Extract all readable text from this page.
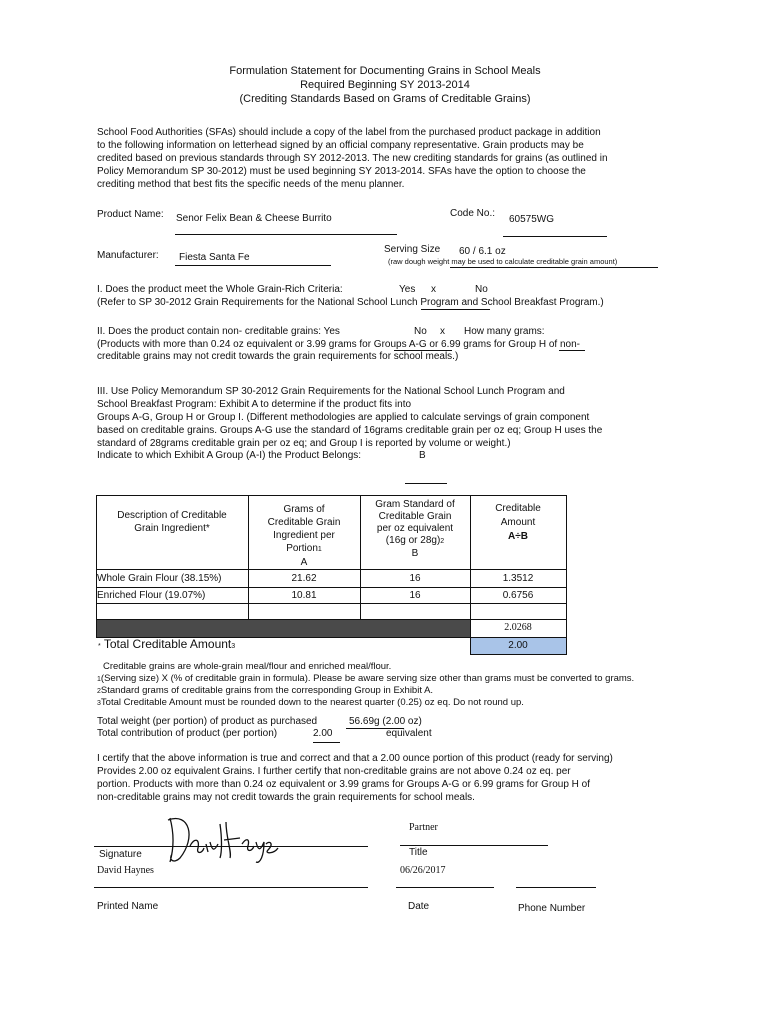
Formulation Statement for Documenting Grains in School Meals
Required Beginning SY 2013-2014
(Crediting Standards Based on Grams of Creditable Grains)
School Food Authorities (SFAs) should include a copy of the label from the purchased product package in addition
to the following information on letterhead signed by an official company representative. Grain products may be
credited based on previous standards through SY 2012-2013. The new crediting standards for grains (as outlined in
Policy Memorandum SP 30-2012) must be used beginning SY 2013-2014. SFAs have the option to choose the
crediting method that best fits the specific needs of the menu planner.
Product Name: Senor Felix Bean & Cheese Burrito	Code No.:
60575WG
Manufacturer: Fiesta Santa Fe
Serving Size 60 / 6.1 oz
(raw dough weight may be used to calculate creditable grain amount)
I. Does the product meet the Whole Grain-Rich Criteria:	Yes x	No
(Refer to SP 30-2012 Grain Requirements for the National School Lunch Program and School Breakfast Program.)
II. Does the product contain non- creditable grains: Yes	No x How many grams:
(Products with more than 0.24 oz equivalent or 3.99 grams for Groups A-G or 6.99 grams for Group H of non-
creditable grains may not credit towards the grain requirements for school meals.)
III. Use Policy Memorandum SP 30-2012 Grain Requirements for the National School Lunch Program and
School Breakfast Program: Exhibit A to determine if the product fits into
Groups A-G, Group H or Group I. (Different methodologies are applied to calculate servings of grain component
based on creditable grains. Groups A-G use the standard of 16grams creditable grain per oz eq; Group H uses the
standard of 28grams creditable grain per oz eq; and Group I is reported by volume or weight.)
Indicate to which Exhibit A Group (A-I) the Product Belongs:	B
Description of Creditable
Grain Ingredient*
Grams of
Creditable Grain
Ingredient per
Portion1
A
Gram Standard of
Creditable Grain
per oz equivalent
(16g or 28g)2
B
Creditable
Amount
A÷B
Whole Grain Flour (38.15%)	21.62	16	1.3512
Enriched Flour (19.07%)	10.81	16	0.6756
2.0268
* Total Creditable Amount3	2.00
Creditable grains are whole-grain meal/flour and enriched meal/flour.
1(Serving size) X (% of creditable grain in formula). Please be aware serving size other than grams must be converted to grams.
2Standard grams of creditable grains from the corresponding Group in Exhibit A.
3Total Creditable Amount must be rounded down to the nearest quarter (0.25) oz eq. Do not round up.
Total weight (per portion) of product as purchased	56.69g (2.00 oz)
Total contribution of product (per portion)	2.00	equivalent
I certify that the above information is true and correct and that a 2.00 ounce portion of this product (ready for serving)
Provides 2.00 oz equivalent Grains. I further certify that non-creditable grains are not above 0.24 oz eq. per
portion. Products with more than 0.24 oz equivalent or 3.99 grams for Groups A-G or 6.99 grams for Group H of
non-creditable grains may not credit towards the grain requirements for school meals.
Signature
David Haynes
Printed Name
Partner
Title
06/26/2017
Date	Phone Number
